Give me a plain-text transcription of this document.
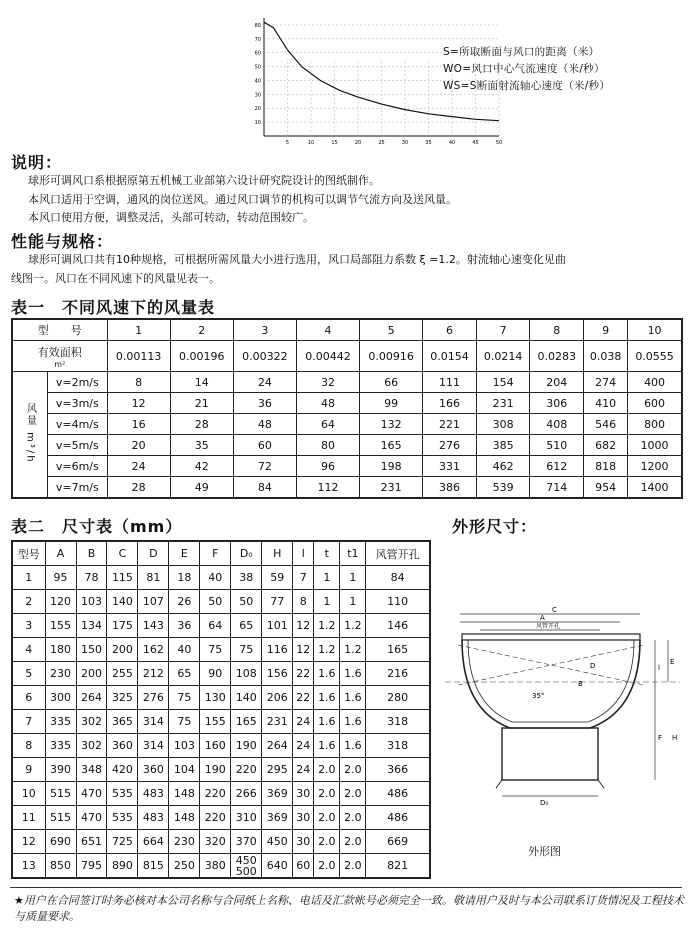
80
70
60
50
40
30
20
10
5	10	15	20	25	30	35	40	45	50
S=所取断面与风口的距离（米）
WO=风口中心气流速度（米/秒）
WS=S断面射流轴心速度（米/秒）
说明：

球形可调风口系根据原第五机械工业部第六设计研究院设计的图纸制作。

本风口适用于空调，通风的岗位送风。通过风口调节的机构可以调节气流方向及送风量。

本风口使用方便，调整灵活，头部可转动，转动范围较广。

性能与规格：

球形可调风口共有10种规格，可根据所需风量大小进行选用，风口局部阻力系数 ξ =1.2。射流轴心速变化见曲

线图一。风口在不同风速下的风量见表一。

表一　不同风速下的风量表
型　　号		1	2	3	4	5	6	7	8	9	10

有效面积
m²		0.00113	0.00196	0.00322	0.00442	0.00916	0.0154	0.0214	0.0283	0.038	0.0555
风量 m³/h	v=2m/s	8	14	24	32	66	111	154	204	274	400
	v=3m/s	12	21	36	48	99	166	231	306	410	600
	v=4m/s	16	28	48	64	132	221	308	408	546	800
	v=5m/s	20	35	60	80	165	276	385	510	682	1000
	v=6m/s	24	42	72	96	198	331	462	612	818	1200
	v=7m/s	28	49	84	112	231	386	539	714	954	1400
表二　尺寸表（mm）
型号	A	B	C	D	E	F	D₀	H	l	t	t1	风管开孔
1	95	78	115	81	18	40	38	59	7	1	1	84
2	120	103	140	107	26	50	50	77	8	1	1	110
3	155	134	175	143	36	64	65	101	12	1.2	1.2	146
4	180	150	200	162	40	75	75	116	12	1.2	1.2	165
5	230	200	255	212	65	90	108	156	22	1.6	1.6	216
6	300	264	325	276	75	130	140	206	22	1.6	1.6	280
7	335	302	365	314	75	155	165	231	24	1.6	1.6	318
8	335	302	360	314	103	160	190	264	24	1.6	1.6	318
9	390	348	420	360	104	190	220	295	24	2.0	2.0	366
10	515	470	535	483	148	220	266	369	30	2.0	2.0	486
11	515	470	535	483	148	220	310	369	30	2.0	2.0	486
12	690	651	725	664	230	320	370	450	30	2.0	2.0	669
13	850	795	890	815	250	380	450
500	640	60	2.0	2.0	821
外形尺寸：
C
A
风管开孔
D
B
35°
D₀
E
l
F H
外形图
★用户在合同签订时务必核对本公司名称与合同纸上名称、电话及汇款帐号必须完全一致。敬请用户及时与本公司联系订货情况及工程技术与质量要求。
